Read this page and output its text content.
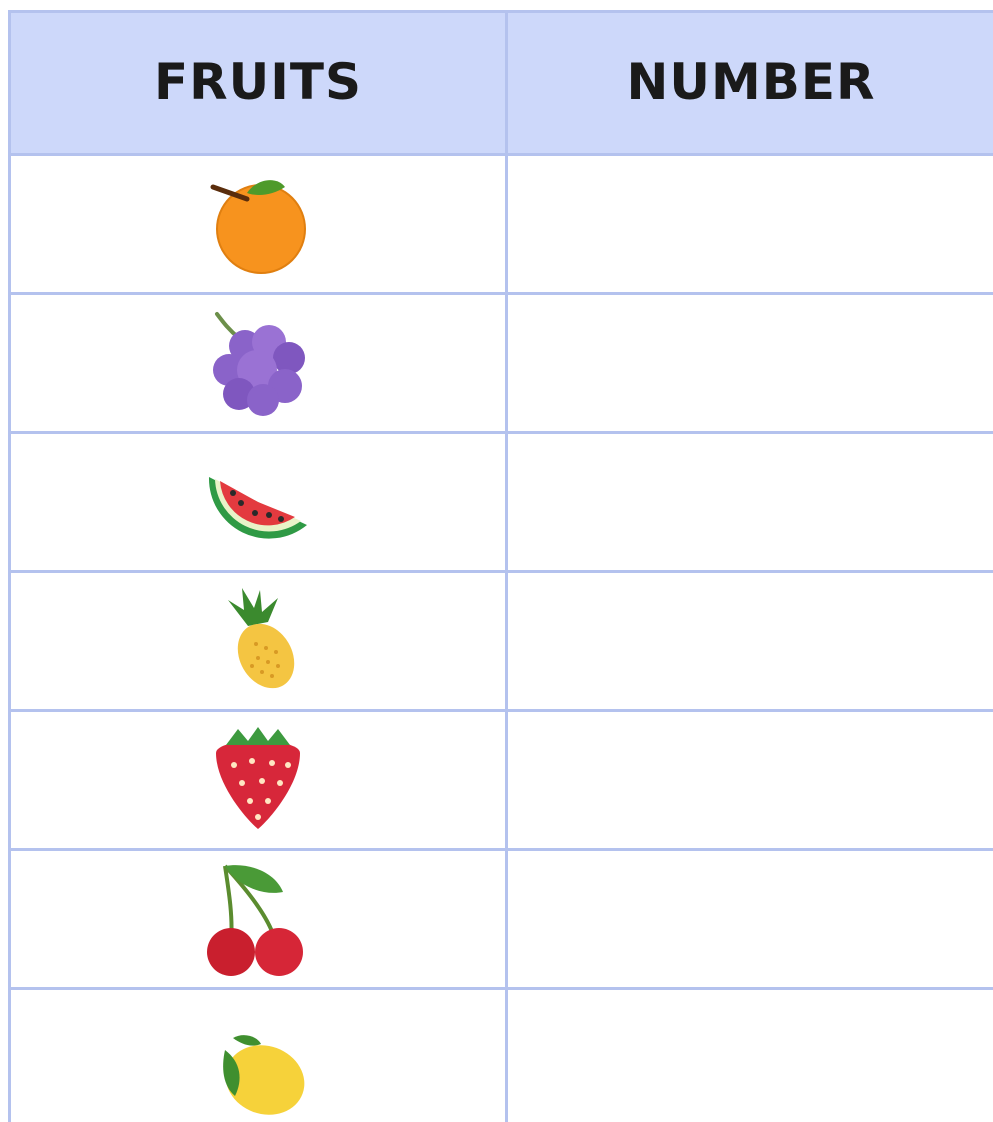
FRUITS	NUMBER
